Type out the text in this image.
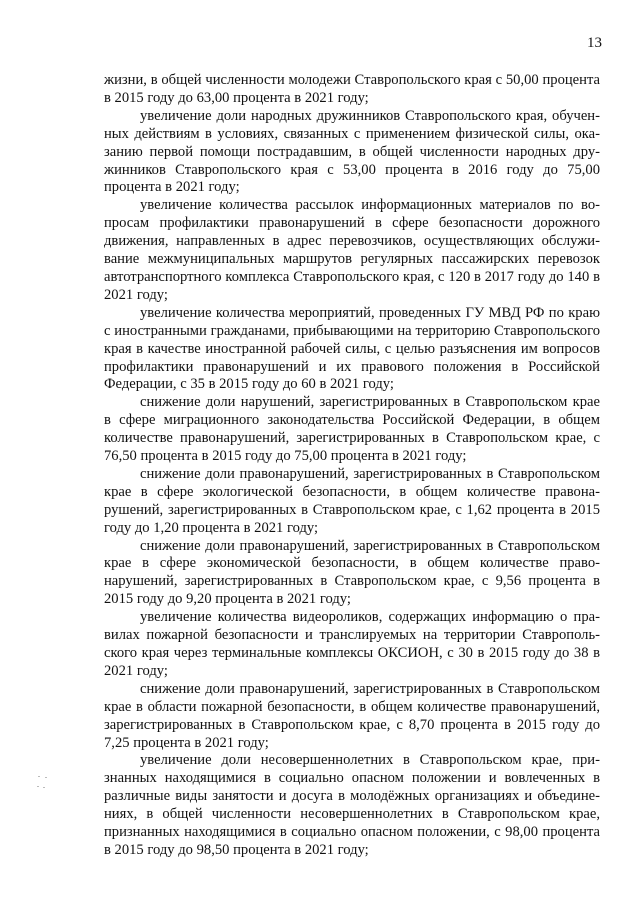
13

жизни, в общей численности молодежи Ставропольского края с 50,00 процента в 2015 году до 63,00 процента в 2021 году;

увеличение доли народных дружинников Ставропольского края, обученных действиям в условиях, связанных с применением физической силы, оказанию первой помощи пострадавшим, в общей численности народных дружинников Ставропольского края с 53,00 процента в 2016 году до 75,00 процента в 2021 году;

увеличение количества рассылок информационных материалов по вопросам профилактики правонарушений в сфере безопасности дорожного движения, направленных в адрес перевозчиков, осуществляющих обслуживание межмуниципальных маршрутов регулярных пассажирских перевозок автотранспортного комплекса Ставропольского края, с 120 в 2017 году до 140 в 2021 году;

увеличение количества мероприятий, проведенных ГУ МВД РФ по краю с иностранными гражданами, прибывающими на территорию Ставропольского края в качестве иностранной рабочей силы, с целью разъяснения им вопросов профилактики правонарушений и их правового положения в Российской Федерации, с 35 в 2015 году до 60 в 2021 году;

снижение доли нарушений, зарегистрированных в Ставропольском крае в сфере миграционного законодательства Российской Федерации, в общем количестве правонарушений, зарегистрированных в Ставропольском крае, с 76,50 процента в 2015 году до 75,00 процента в 2021 году;

снижение доли правонарушений, зарегистрированных в Ставропольском крае в сфере экологической безопасности, в общем количестве правонарушений, зарегистрированных в Ставропольском крае, с 1,62 процента в 2015 году до 1,20 процента в 2021 году;

снижение доли правонарушений, зарегистрированных в Ставропольском крае в сфере экономической безопасности, в общем количестве правонарушений, зарегистрированных в Ставропольском крае, с 9,56 процента в 2015 году до 9,20 процента в 2021 году;

увеличение количества видеороликов, содержащих информацию о правилах пожарной безопасности и транслируемых на территории Ставропольского края через терминальные комплексы ОКСИОН, с 30 в 2015 году до 38 в 2021 году;

снижение доли правонарушений, зарегистрированных в Ставропольском крае в области пожарной безопасности, в общем количестве правонарушений, зарегистрированных в Ставропольском крае, с 8,70 процента в 2015 году до 7,25 процента в 2021 году;

увеличение доли несовершеннолетних в Ставропольском крае, признанных находящимися в социально опасном положении и вовлеченных в различные виды занятости и досуга в молодёжных организациях и объединениях, в общей численности несовершеннолетних в Ставропольском крае, признанных находящимися в социально опасном положении, с 98,00 процента в 2015 году до 98,50 процента в 2021 году;
